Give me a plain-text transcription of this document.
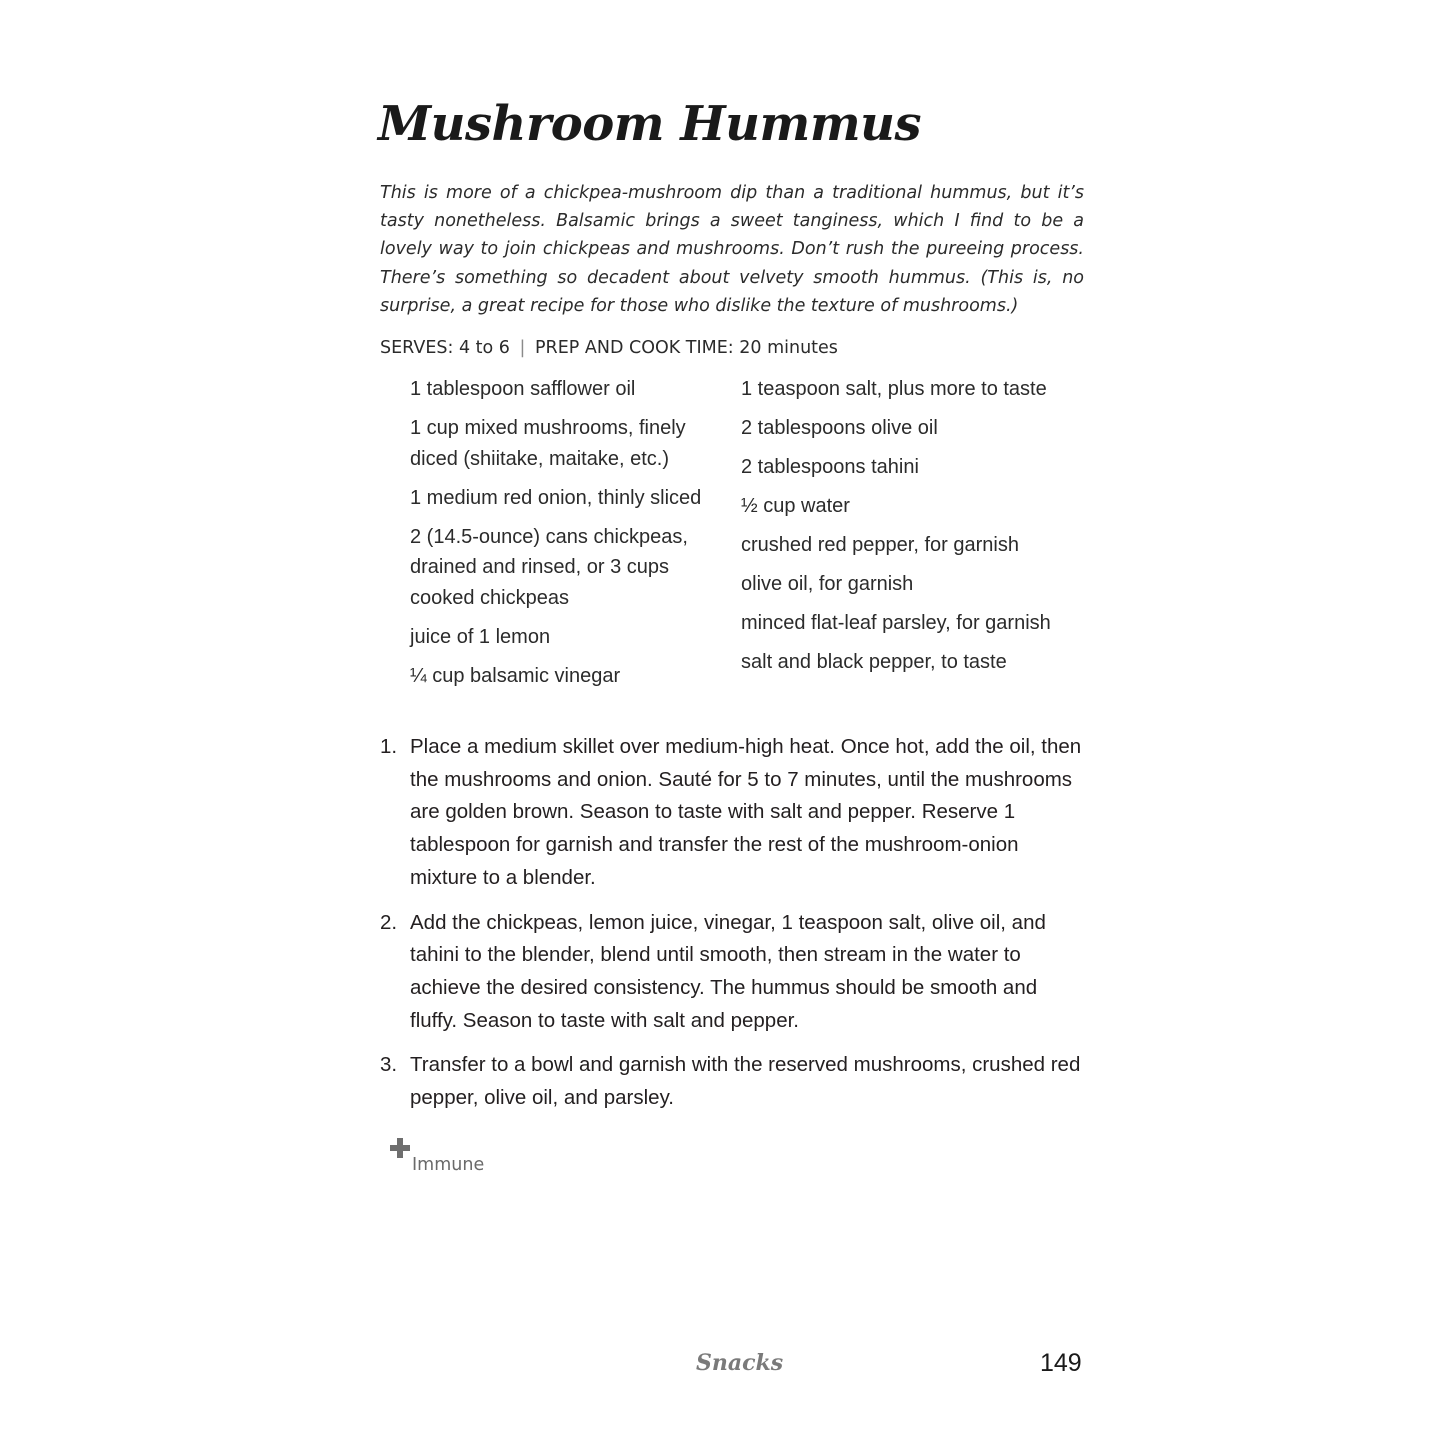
Mushroom Hummus

This is more of a chickpea-mushroom dip than a traditional hummus, but it’s tasty nonetheless. Balsamic brings a sweet tanginess, which I find to be a lovely way to join chickpeas and mushrooms. Don’t rush the pureeing process. There’s something so decadent about velvety smooth hummus. (This is, no surprise, a great recipe for those who dislike the texture of mushrooms.)

SERVES: 4 to 6 | PREP AND COOK TIME: 20 minutes
1 tablespoon safflower oil
1 cup mixed mushrooms, finely diced (shiitake, maitake, etc.)
1 medium red onion, thinly sliced
2 (14.5-ounce) cans chickpeas, drained and rinsed, or 3 cups cooked chickpeas
juice of 1 lemon
¼ cup balsamic vinegar
1 teaspoon salt, plus more to taste
2 tablespoons olive oil
2 tablespoons tahini
½ cup water
crushed red pepper, for garnish
olive oil, for garnish
minced flat-leaf parsley, for garnish
salt and black pepper, to taste
1. Place a medium skillet over medium-high heat. Once hot, add the oil, then the mushrooms and onion. Sauté for 5 to 7 minutes, until the mushrooms are golden brown. Season to taste with salt and pepper. Reserve 1 tablespoon for garnish and transfer the rest of the mushroom-onion mixture to a blender.
2. Add the chickpeas, lemon juice, vinegar, 1 teaspoon salt, olive oil, and tahini to the blender, blend until smooth, then stream in the water to achieve the desired consistency. The hummus should be smooth and fluffy. Season to taste with salt and pepper.
3. Transfer to a bowl and garnish with the reserved mushrooms, crushed red pepper, olive oil, and parsley.
Immune
Snacks	149
